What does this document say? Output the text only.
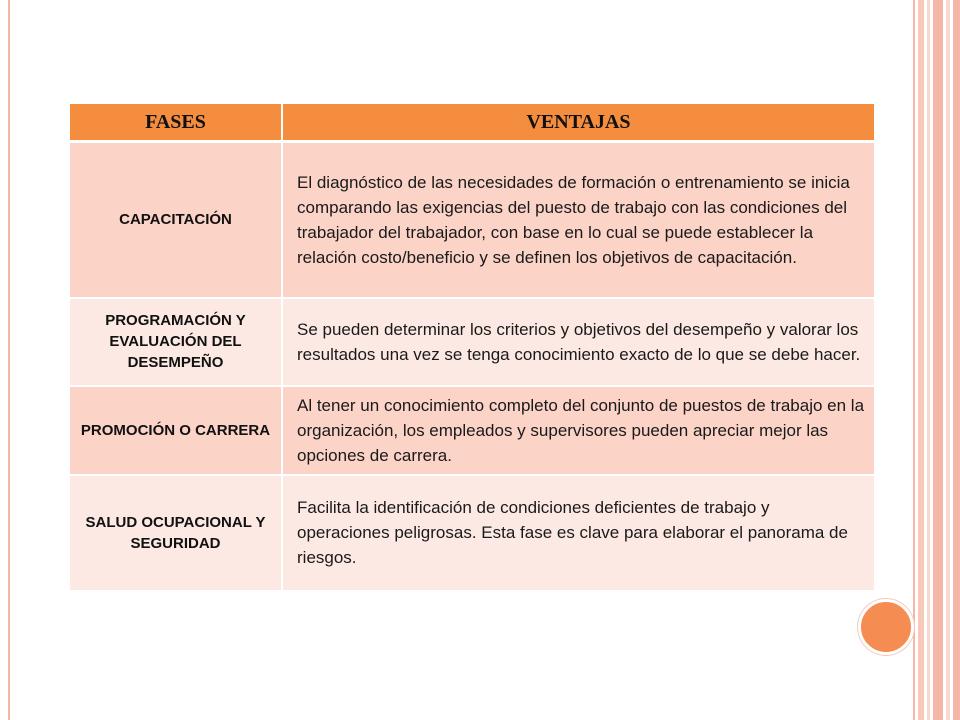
FASES	VENTAJAS
CAPACITACIÓN	El diagnóstico de las necesidades de formación o entrenamiento se inicia comparando las exigencias del puesto de trabajo con las condiciones del trabajador del trabajador, con base en lo cual se puede establecer la relación costo/beneficio y se definen los objetivos de capacitación.
PROGRAMACIÓN Y EVALUACIÓN DEL DESEMPEÑO	Se pueden determinar los criterios y objetivos del desempeño y valorar los resultados una vez se tenga conocimiento exacto de lo que se debe hacer.
PROMOCIÓN O CARRERA	Al tener un conocimiento completo del conjunto de puestos de trabajo en la organización, los empleados y supervisores pueden apreciar mejor las opciones de carrera.
SALUD OCUPACIONAL Y SEGURIDAD	Facilita la identificación de condiciones deficientes de trabajo y operaciones peligrosas. Esta fase es clave para elaborar el panorama de riesgos.
